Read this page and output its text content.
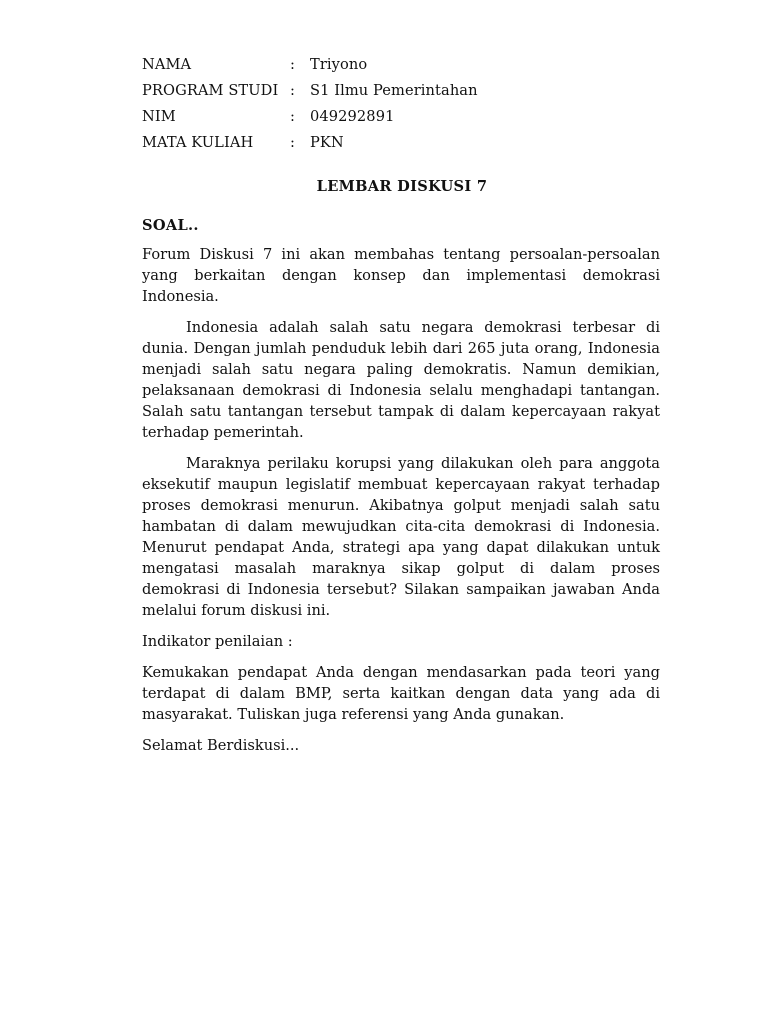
NAMA	:	Triyono
PROGRAM STUDI :	S1 Ilmu Pemerintahan
NIM	:	049292891
MATA KULIAH	:	PKN
LEMBAR DISKUSI 7
SOAL..

Forum Diskusi 7 ini akan membahas tentang persoalan-persoalan yang berkaitan dengan konsep dan implementasi demokrasi Indonesia.

Indonesia adalah salah satu negara demokrasi terbesar di dunia. Dengan jumlah penduduk lebih dari 265 juta orang, Indonesia menjadi salah satu negara paling demokratis. Namun demikian, pelaksanaan demokrasi di Indonesia selalu menghadapi tantangan. Salah satu tantangan tersebut tampak di dalam kepercayaan rakyat terhadap pemerintah.

Maraknya perilaku korupsi yang dilakukan oleh para anggota eksekutif maupun legislatif membuat kepercayaan rakyat terhadap proses demokrasi menurun. Akibatnya golput menjadi salah satu hambatan di dalam mewujudkan cita-cita demokrasi di Indonesia. Menurut pendapat Anda, strategi apa yang dapat dilakukan untuk mengatasi masalah maraknya sikap golput di dalam proses demokrasi di Indonesia tersebut? Silakan sampaikan jawaban Anda melalui forum diskusi ini.

Indikator penilaian :

Kemukakan pendapat Anda dengan mendasarkan pada teori yang terdapat di dalam BMP, serta kaitkan dengan data yang ada di masyarakat. Tuliskan juga referensi yang Anda gunakan.

Selamat Berdiskusi...
